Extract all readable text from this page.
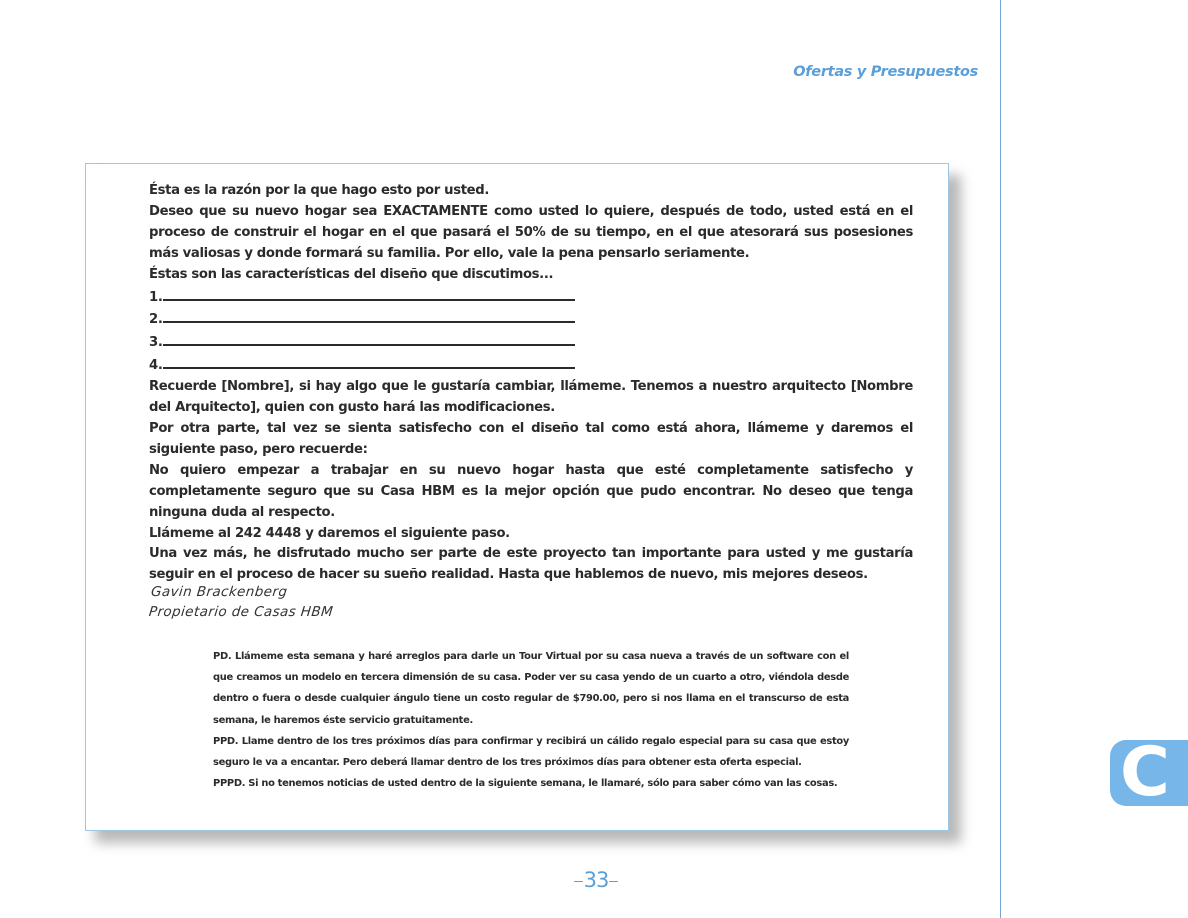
Ofertas y Presupuestos

Ésta es la razón por la que hago esto por usted.

Deseo que su nuevo hogar sea EXACTAMENTE como usted lo quiere, después de todo, usted está en el proceso de construir el hogar en el que pasará el 50% de su tiempo, en el que atesorará sus posesiones más valiosas y donde formará su familia. Por ello, vale la pena pensarlo seriamente.

Éstas son las características del diseño que discutimos...

1.

2.

3.

4.

Recuerde [Nombre], si hay algo que le gustaría cambiar, llámeme. Tenemos a nuestro arquitecto [Nombre del Arquitecto], quien con gusto hará las modificaciones.

Por otra parte, tal vez se sienta satisfecho con el diseño tal como está ahora, llámeme y daremos el siguiente paso, pero recuerde:

No quiero empezar a trabajar en su nuevo hogar hasta que esté completamente satisfecho y completamente seguro que su Casa HBM es la mejor opción que pudo encontrar. No deseo que tenga ninguna duda al respecto.

Llámeme al 242 4448 y daremos el siguiente paso.

Una vez más, he disfrutado mucho ser parte de este proyecto tan importante para usted y me gustaría seguir en el proceso de hacer su sueño realidad. Hasta que hablemos de nuevo, mis mejores deseos.

Gavin Brackenberg
Propietario de Casas HBM

PD. Llámeme esta semana y haré arreglos para darle un Tour Virtual por su casa nueva a través de un software con el que creamos un modelo en tercera dimensión de su casa. Poder ver su casa yendo de un cuarto a otro, viéndola desde dentro o fuera o desde cualquier ángulo tiene un costo regular de $790.00, pero si nos llama en el transcurso de esta semana, le haremos éste servicio gratuitamente.

PPD. Llame dentro de los tres próximos días para confirmar y recibirá un cálido regalo especial para su casa que estoy seguro le va a encantar. Pero deberá llamar dentro de los tres próximos días para obtener esta oferta especial.

PPPD. Si no tenemos noticias de usted dentro de la siguiente semana, le llamaré, sólo para saber cómo van las cosas.

33
C
